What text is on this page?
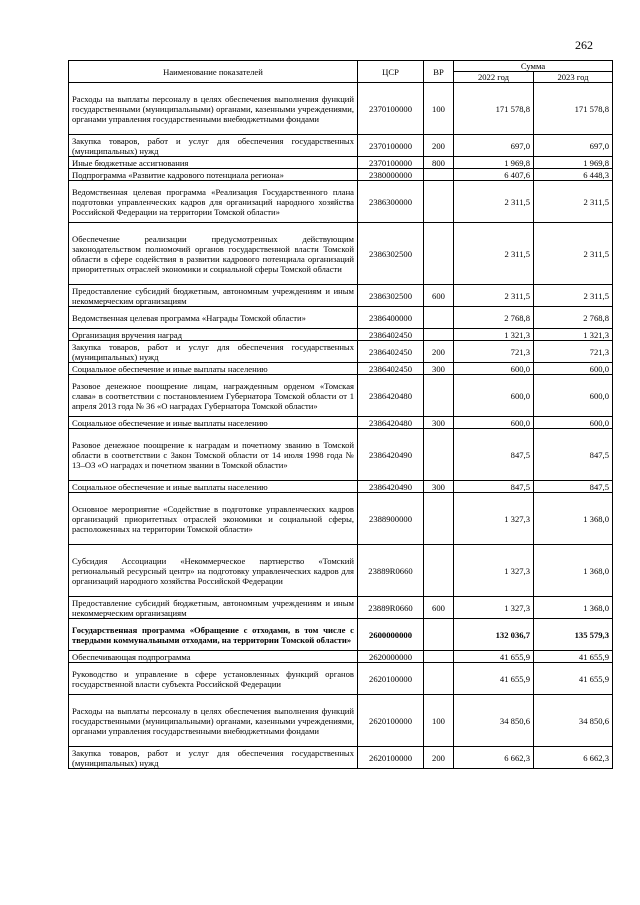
262
Наименование показателей	ЦСР	ВР	Сумма	
			2022 год	2023 год
Расходы на выплаты персоналу в целях обеспечения выполнения функций государственными (муниципальными) органами, казенными учреждениями, органами управления государственными внебюджетными фондами	2370100000	100	171 578,8	171 578,8
Закупка товаров, работ и услуг для обеспечения государственных (муниципальных) нужд	2370100000	200	697,0	697,0
Иные бюджетные ассигнования	2370100000	800	1 969,8	1 969,8
Подпрограмма «Развитие кадрового потенциала региона»	2380000000		6 407,6	6 448,3
Ведомственная целевая программа «Реализация Государственного плана подготовки управленческих кадров для организаций народного хозяйства Российской Федерации на территории Томской области»	2386300000		2 311,5	2 311,5
Обеспечение реализации предусмотренных действующим законодательством полномочий органов государственной власти Томской области в сфере содействия в развитии кадрового потенциала организаций приоритетных отраслей экономики и социальной сферы Томской области	2386302500		2 311,5	2 311,5
Предоставление субсидий бюджетным, автономным учреждениям и иным некоммерческим организациям	2386302500	600	2 311,5	2 311,5
Ведомственная целевая программа «Награды Томской области»	2386400000		2 768,8	2 768,8
Организация вручения наград	2386402450		1 321,3	1 321,3
Закупка товаров, работ и услуг для обеспечения государственных (муниципальных) нужд	2386402450	200	721,3	721,3
Социальное обеспечение и иные выплаты населению	2386402450	300	600,0	600,0
Разовое денежное поощрение лицам, награжденным орденом «Томская слава» в соответствии с постановлением Губернатора Томской области от 1 апреля 2013 года № 36 «О наградах Губернатора Томской области»	2386420480		600,0	600,0
Социальное обеспечение и иные выплаты населению	2386420480	300	600,0	600,0
Разовое денежное поощрение к наградам и почетному званию в Томской области в соответствии с Закон Томской области от 14 июля 1998 года № 13–ОЗ «О наградах и почетном звании в Томской области»	2386420490		847,5	847,5
Социальное обеспечение и иные выплаты населению	2386420490	300	847,5	847,5
Основное мероприятие «Содействие в подготовке управленческих кадров организаций приоритетных отраслей экономики и социальной сферы, расположенных на территории Томской области»	2388900000		1 327,3	1 368,0
Субсидия Ассоциации «Некоммерческое партнерство «Томский региональный ресурсный центр» на подготовку управленческих кадров для организаций народного хозяйства Российской Федерации	23889R0660		1 327,3	1 368,0
Предоставление субсидий бюджетным, автономным учреждениям и иным некоммерческим организациям	23889R0660	600	1 327,3	1 368,0
Государственная программа «Обращение с отходами, в том числе с твердыми коммунальными отходами, на территории Томской области»	2600000000		132 036,7	135 579,3
Обеспечивающая подпрограмма	2620000000		41 655,9	41 655,9
Руководство и управление в сфере установленных функций органов государственной власти субъекта Российской Федерации	2620100000		41 655,9	41 655,9
Расходы на выплаты персоналу в целях обеспечения выполнения функций государственными (муниципальными) органами, казенными учреждениями, органами управления государственными внебюджетными фондами	2620100000	100	34 850,6	34 850,6
Закупка товаров, работ и услуг для обеспечения государственных (муниципальных) нужд	2620100000	200	6 662,3	6 662,3
